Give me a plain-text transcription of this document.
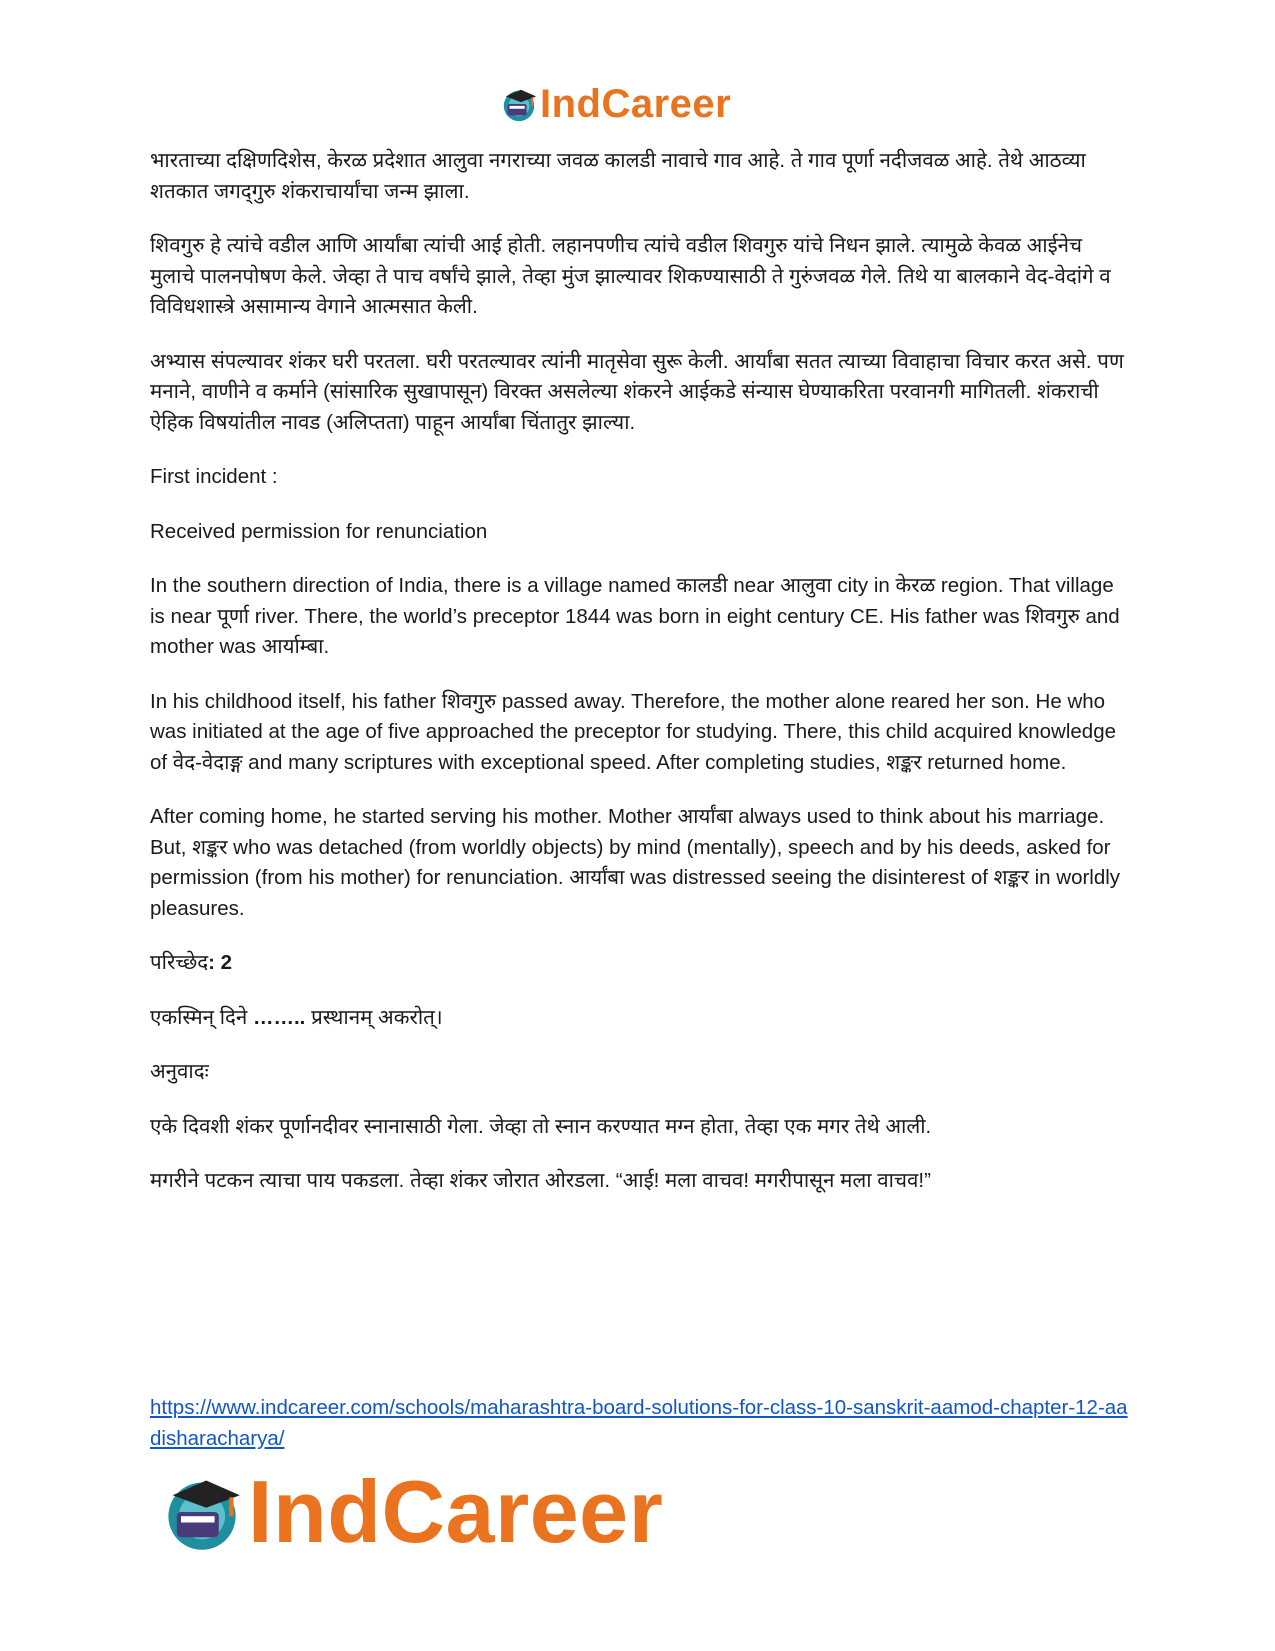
IndCareer

भारताच्या दक्षिणदिशेस, केरळ प्रदेशात आलुवा नगराच्या जवळ कालडी नावाचे गाव आहे. ते गाव पूर्णा नदीजवळ आहे. तेथे आठव्या शतकात जगद्‌गुरु शंकराचार्यांचा जन्म झाला.

शिवगुरु हे त्यांचे वडील आणि आर्यांबा त्यांची आई होती. लहानपणीच त्यांचे वडील शिवगुरु यांचे निधन झाले. त्यामुळे केवळ आईनेच मुलाचे पालनपोषण केले. जेव्हा ते पाच वर्षांचे झाले, तेव्हा मुंज झाल्यावर शिकण्यासाठी ते गुरुंजवळ गेले. तिथे या बालकाने वेद-वेदांगे व विविधशास्त्रे असामान्य वेगाने आत्मसात केली.

अभ्यास संपल्यावर शंकर घरी परतला. घरी परतल्यावर त्यांनी मातृसेवा सुरू केली. आर्यांबा सतत त्याच्या विवाहाचा विचार करत असे. पण मनाने, वाणीने व कर्माने (सांसारिक सुखापासून) विरक्त असलेल्या शंकरने आईकडे संन्यास घेण्याकरिता परवानगी मागितली. शंकराची ऐहिक विषयांतील नावड (अलिप्तता) पाहून आर्यांबा चिंतातुर झाल्या.

First incident :

Received permission for renunciation

In the southern direction of India, there is a village named कालडी near आलुवा city in केरळ region. That village is near पूर्णा river. There, the world’s preceptor 1844 was born in eight century CE. His father was शिवगुरु and mother was आर्याम्बा.

In his childhood itself, his father शिवगुरु passed away. Therefore, the mother alone reared her son. He who was initiated at the age of five approached the preceptor for studying. There, this child acquired knowledge of वेद-वेदाङ्ग and many scriptures with exceptional speed. After completing studies, शङ्कर returned home.

After coming home, he started serving his mother. Mother आर्यांबा always used to think about his marriage. But, शङ्कर who was detached (from worldly objects) by mind (mentally), speech and by his deeds, asked for permission (from his mother) for renunciation. आर्यांबा was distressed seeing the disinterest of शङ्कर in worldly pleasures.

परिच्छेद: 2

एकस्मिन् दिने …….. प्रस्थानम् अकरोत्।

अनुवादः

एके दिवशी शंकर पूर्णानदीवर स्नानासाठी गेला. जेव्हा तो स्नान करण्यात मग्न होता, तेव्हा एक मगर तेथे आली.

मगरीने पटकन त्याचा पाय पकडला. तेव्हा शंकर जोरात ओरडला. “आई! मला वाचव! मगरीपासून मला वाचव!”

https://www.indcareer.com/schools/maharashtra-board-solutions-for-class-10-sanskrit-aamod-chapter-12-aadisharacharya/
IndCareer
